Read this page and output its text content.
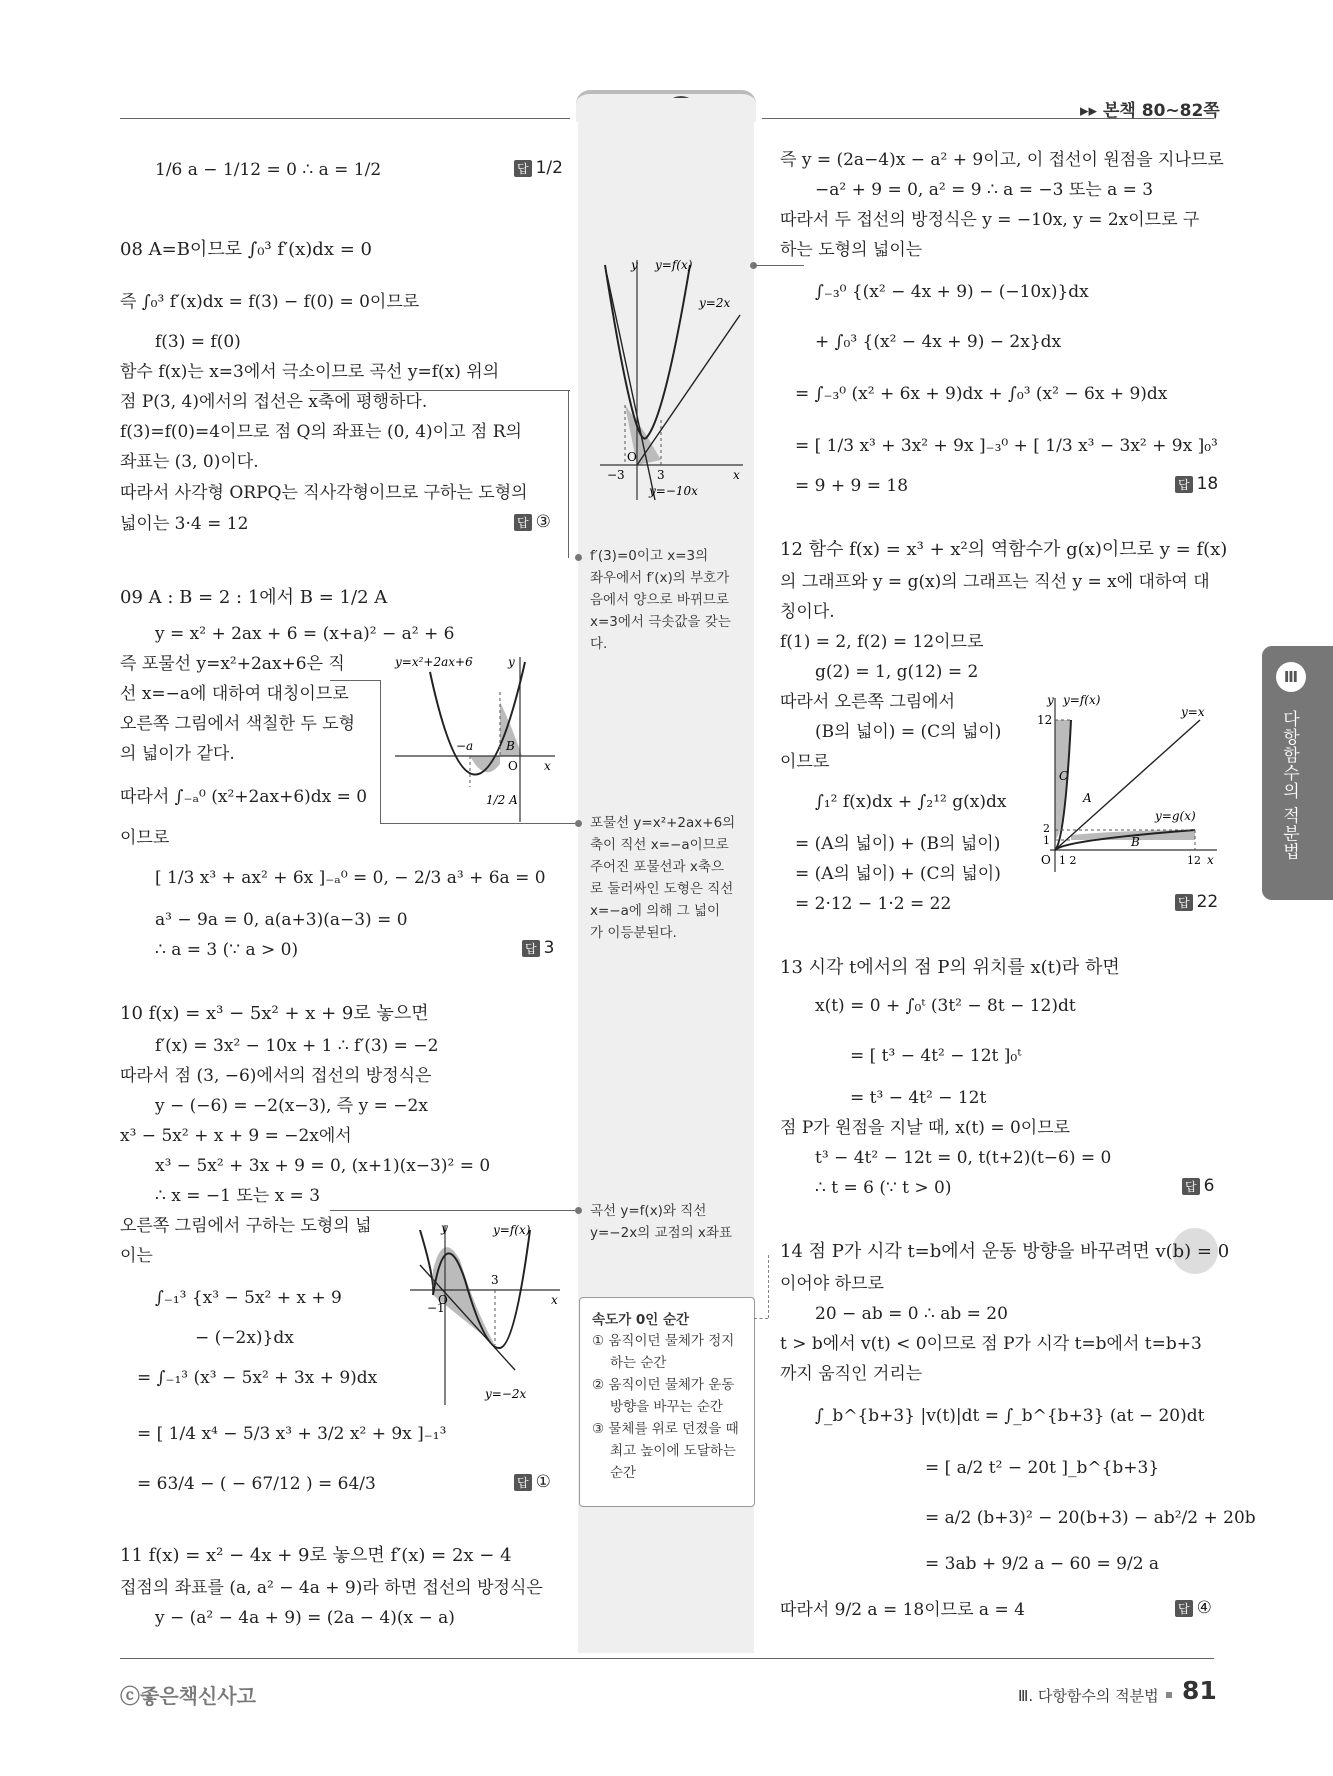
▸▸ 본책 80~82쪽
1/6 a − 1/12 = 0 ∴ a = 1/2	답 1/2
08 A=B이므로 ∫₀³ f′(x)dx = 0
즉 ∫₀³ f′(x)dx = f(3) − f(0) = 0이므로
f(3) = f(0)
함수 f(x)는 x=3에서 극소이므로 곡선 y=f(x) 위의
점 P(3, 4)에서의 접선은 x축에 평행하다.
f(3)=f(0)=4이므로 점 Q의 좌표는 (0, 4)이고 점 R의
좌표는 (3, 0)이다.
따라서 사각형 ORPQ는 직사각형이므로 구하는 도형의
넓이는 3·4 = 12	답 ③
09 A : B = 2 : 1에서 B = 1/2 A
y = x² + 2ax + 6 = (x+a)² − a² + 6
즉 포물선 y=x²+2ax+6은 직
선 x=−a에 대하여 대칭이므로
오른쪽 그림에서 색칠한 두 도형
의 넓이가 같다.
따라서 ∫₋ₐ⁰ (x²+2ax+6)dx = 0
이므로
[ 1/3 x³ + ax² + 6x ]₋ₐ⁰ = 0, − 2/3 a³ + 6a = 0
a³ − 9a = 0, a(a+3)(a−3) = 0
∴ a = 3 (∵ a > 0)	답 3
10 f(x) = x³ − 5x² + x + 9로 놓으면
f′(x) = 3x² − 10x + 1 ∴ f′(3) = −2
따라서 점 (3, −6)에서의 접선의 방정식은
y − (−6) = −2(x−3), 즉 y = −2x
x³ − 5x² + x + 9 = −2x에서
x³ − 5x² + 3x + 9 = 0, (x+1)(x−3)² = 0
∴ x = −1 또는 x = 3
오른쪽 그림에서 구하는 도형의 넓
이는
∫₋₁³ {x³ − 5x² + x + 9
− (−2x)}dx
= ∫₋₁³ (x³ − 5x² + 3x + 9)dx
= [ 1/4 x⁴ − 5/3 x³ + 3/2 x² + 9x ]₋₁³
= 63/4 − ( − 67/12 ) = 64/3	답 ①
11 f(x) = x² − 4x + 9로 놓으면 f′(x) = 2x − 4
접점의 좌표를 (a, a² − 4a + 9)라 하면 접선의 방정식은
y − (a² − 4a + 9) = (2a − 4)(x − a)
y y=f(x)
y=2x
O
−3	3	x
y=−10x
f′(3)=0이고 x=3의
좌우에서 f′(x)의 부호가
음에서 양으로 바뀌므로
x=3에서 극솟값을 갖는
다.
y=x²+2ax+6	y
−a	B
O x
1/2 A
포물선 y=x²+2ax+6의
축이 직선 x=−a이므로
주어진 포물선과 x축으
로 둘러싸인 도형은 직선
x=−a에 의해 그 넓이
가 이등분된다.
곡선 y=f(x)와 직선
y=−2x의 교점의 x좌표
y	y=f(x)
O
3
x
−1
y=−2x
속도가 0인 순간
① 움직이던 물체가 정지
하는 순간
② 움직이던 물체가 운동
방향을 바꾸는 순간
③ 물체를 위로 던졌을 때
최고 높이에 도달하는
순간
즉 y = (2a−4)x − a² + 9이고, 이 접선이 원점을 지나므로
−a² + 9 = 0, a² = 9 ∴ a = −3 또는 a = 3
따라서 두 접선의 방정식은 y = −10x, y = 2x이므로 구
하는 도형의 넓이는
∫₋₃⁰ {(x² − 4x + 9) − (−10x)}dx
+ ∫₀³ {(x² − 4x + 9) − 2x}dx
= ∫₋₃⁰ (x² + 6x + 9)dx + ∫₀³ (x² − 6x + 9)dx
= [ 1/3 x³ + 3x² + 9x ]₋₃⁰ + [ 1/3 x³ − 3x² + 9x ]₀³
= 9 + 9 = 18	답 18
12 함수 f(x) = x³ + x²의 역함수가 g(x)이므로 y = f(x)
의 그래프와 y = g(x)의 그래프는 직선 y = x에 대하여 대
칭이다.
f(1) = 2, f(2) = 12이므로
g(2) = 1, g(12) = 2
따라서 오른쪽 그림에서
(B의 넓이) = (C의 넓이)
이므로
∫₁² f(x)dx + ∫₂¹² g(x)dx
= (A의 넓이) + (B의 넓이)
= (A의 넓이) + (C의 넓이)
= 2·12 − 1·2 = 22	답 22
y y=f(x)
y=x
12
C
A
y=g(x)
2
1	B
O 1 2	12 x
13 시각 t에서의 점 P의 위치를 x(t)라 하면
x(t) = 0 + ∫₀ᵗ (3t² − 8t − 12)dt
= [ t³ − 4t² − 12t ]₀ᵗ
= t³ − 4t² − 12t
점 P가 원점을 지날 때, x(t) = 0이므로
t³ − 4t² − 12t = 0, t(t+2)(t−6) = 0
∴ t = 6 (∵ t > 0)	답 6
14 점 P가 시각 t=b에서 운동 방향을 바꾸려면 v(b) = 0
이어야 하므로
20 − ab = 0 ∴ ab = 20
t > b에서 v(t) < 0이므로 점 P가 시각 t=b에서 t=b+3
까지 움직인 거리는
∫_b^{b+3} |v(t)|dt = ∫_b^{b+3} (at − 20)dt
= [ a/2 t² − 20t ]_b^{b+3}
= a/2 (b+3)² − 20(b+3) − ab²/2 + 20b
= 3ab + 9/2 a − 60 = 9/2 a
따라서 9/2 a = 18이므로 a = 4	답 ④
Ⅲ
다항함수의 적분법
ⓒ좋은책신사고	Ⅲ. 다항함수의 적분법 81
